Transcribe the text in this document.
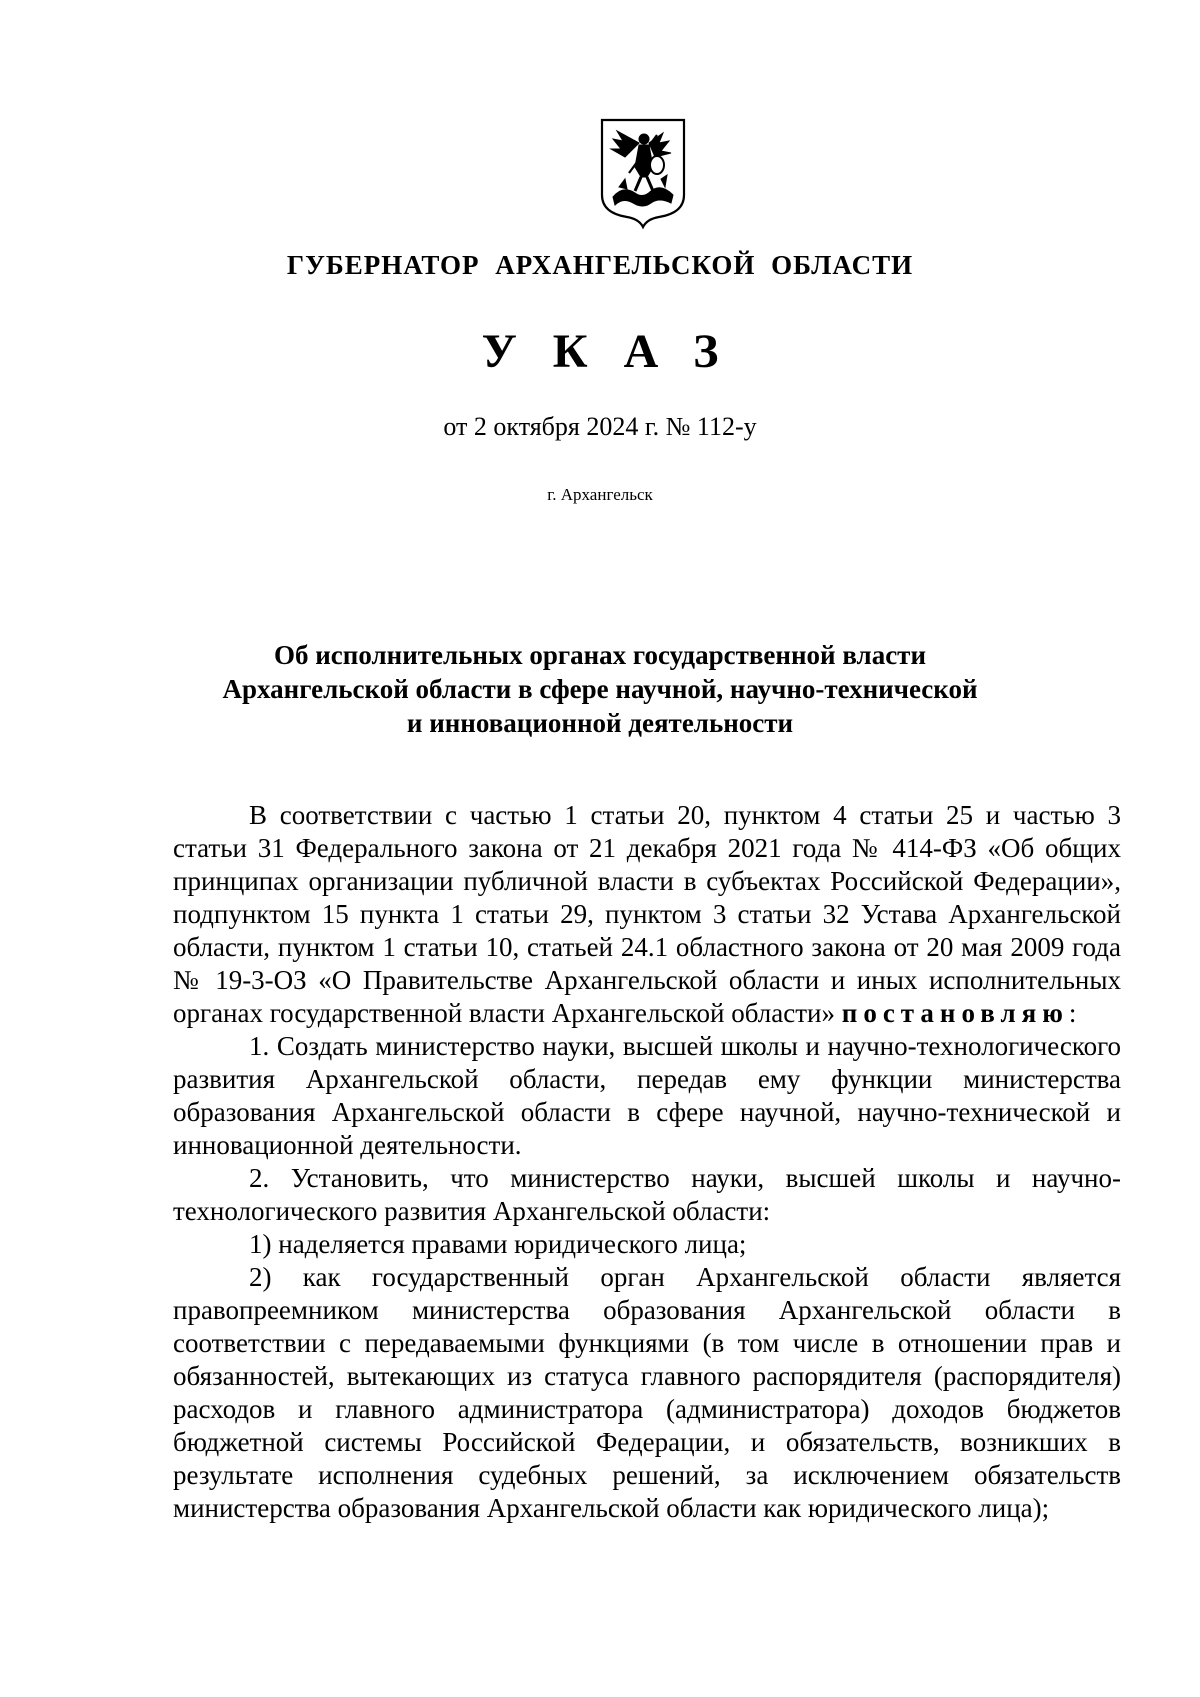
ГУБЕРНАТОР АРХАНГЕЛЬСКОЙ ОБЛАСТИ
УКАЗ
от 2 октября 2024 г. № 112-у
г. Архангельск
Об исполнительных органах государственной власти
Архангельской области в сфере научной, научно-технической
и инновационной деятельности

В соответствии с частью 1 статьи 20, пунктом 4 статьи 25 и частью 3 статьи 31 Федерального закона от 21 декабря 2021 года № 414-ФЗ «Об общих принципах организации публичной власти в субъектах Российской Федерации», подпунктом 15 пункта 1 статьи 29, пунктом 3 статьи 32 Устава Архангельской области, пунктом 1 статьи 10, статьей 24.1 областного закона от 20 мая 2009 года № 19-3-ОЗ «О Правительстве Архангельской области и иных исполнительных органах государственной власти Архангельской области» постановляю:

1. Создать министерство науки, высшей школы и научно-технологического развития Архангельской области, передав ему функции министерства образования Архангельской области в сфере научной, научно-технической и инновационной деятельности.

2. Установить, что министерство науки, высшей школы и научно-технологического развития Архангельской области:

1) наделяется правами юридического лица;

2) как государственный орган Архангельской области является правопреемником министерства образования Архангельской области в соответствии с передаваемыми функциями (в том числе в отношении прав и обязанностей, вытекающих из статуса главного распорядителя (распорядителя) расходов и главного администратора (администратора) доходов бюджетов бюджетной системы Российской Федерации, и обязательств, возникших в результате исполнения судебных решений, за исключением обязательств министерства образования Архангельской области как юридического лица);
